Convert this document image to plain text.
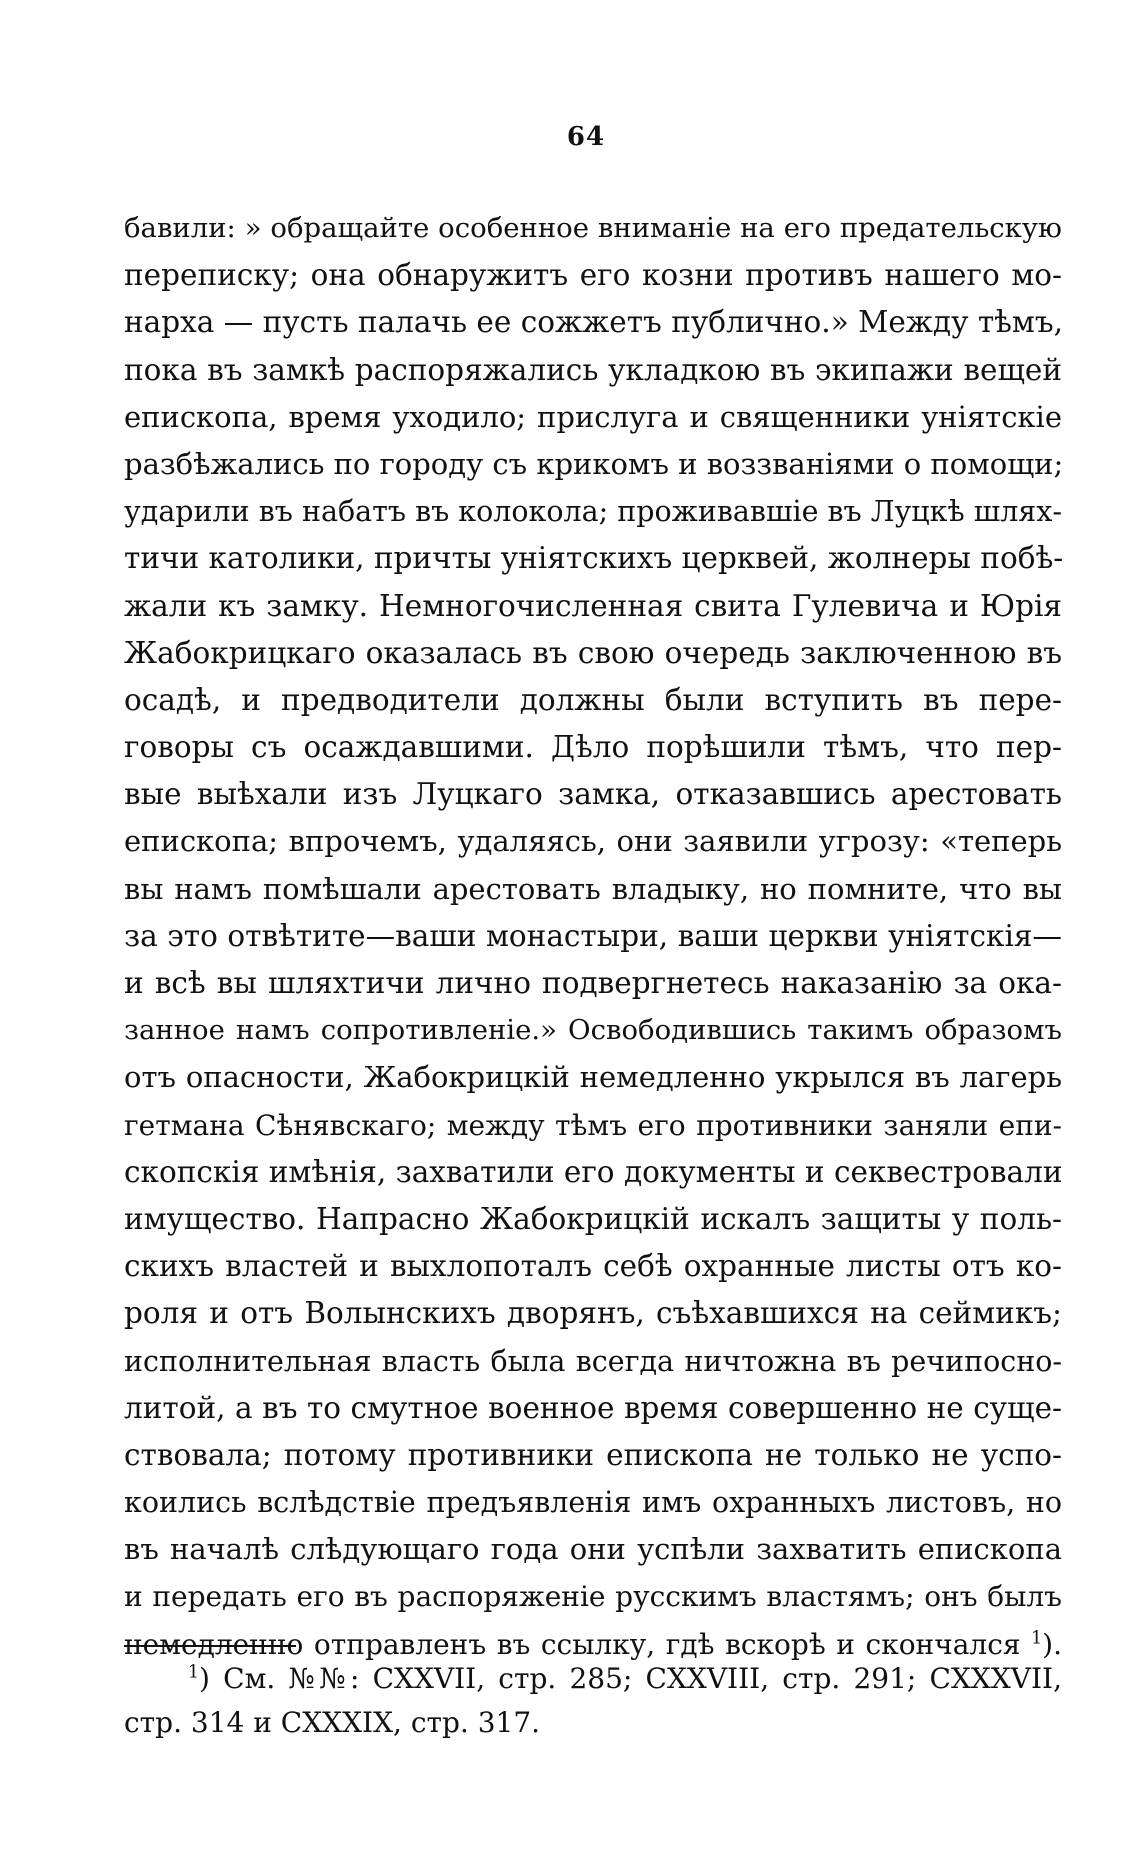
64
бавили: » обращайте особенное вниманіе на его предательскую
переписку; она обнаружитъ его козни противъ нашего мо-
нарха — пусть палачь ее сожжетъ публично.» Между тѣмъ,
пока въ замкѣ распоряжались укладкою въ экипажи вещей
епископа, время уходило; прислуга и священники уніятскіе
разбѣжались по городу съ крикомъ и воззваніями о помощи;
ударили въ набатъ въ колокола; проживавшіе въ Луцкѣ шлях-
тичи католики, причты уніятскихъ церквей, жолнеры побѣ-
жали къ замку. Немногочисленная свита Гулевича и Юрія
Жабокрицкаго оказалась въ свою очередь заключенною въ
осадѣ, и предводители должны были вступить въ пере-
говоры съ осаждавшими. Дѣло порѣшили тѣмъ, что пер-
вые выѣхали изъ Луцкаго замка, отказавшись арестовать
епископа; впрочемъ, удаляясь, они заявили угрозу: «теперь
вы намъ помѣшали арестовать владыку, но помните, что вы
за это отвѣтите—ваши монастыри, ваши церкви уніятскія—
и всѣ вы шляхтичи лично подвергнетесь наказанію за ока-
занное намъ сопротивленіе.» Освободившись такимъ образомъ
отъ опасности, Жабокрицкій немедленно укрылся въ лагерь
гетмана Сѣнявскаго; между тѣмъ его противники заняли епи-
скопскія имѣнія, захватили его документы и секвестровали
имущество. Напрасно Жабокрицкій искалъ защиты у поль-
скихъ властей и выхлопоталъ себѣ охранные листы отъ ко-
роля и отъ Волынскихъ дворянъ, съѣхавшихся на сеймикъ;
исполнительная власть была всегда ничтожна въ речипосно-
литой, а въ то смутное военное время совершенно не суще-
ствовала; потому противники епископа не только не успо-
коились вслѣдствіе предъявленія имъ охранныхъ листовъ, но
въ началѣ слѣдующаго года они успѣли захватить епископа
и передать его въ распоряженіе русскимъ властямъ; онъ былъ
немедленно отправленъ въ ссылку, гдѣ вскорѣ и скончался $^1$).
$^1$) См. №№: CXXVII, стр. 285; CXXVIII, стр. 291; CXXXVII,
стр. 314 и CXXXIX, стр. 317.
